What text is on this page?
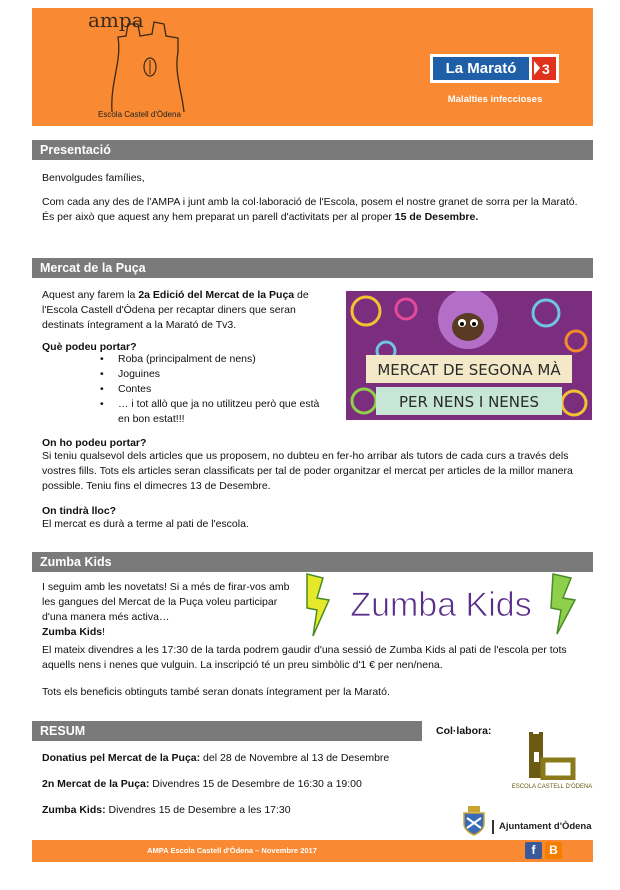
ampa
Escola Castell d'Òdena
La Marató	3
Malalties infeccioses
Presentació
Benvolgudes famílies,
Com cada any des de l'AMPA i junt amb la col·laboració de l'Escola, posem el nostre granet de sorra per la Marató. És per això que aquest any hem preparat un parell d'activitats per al proper 15 de Desembre.
Mercat de la Puça
Aquest any farem la 2a Edició del Mercat de la Puça de l'Escola Castell d'Òdena per recaptar diners que seran destinats íntegrament a la Marató de Tv3.
Què podeu portar?
• Roba (principalment de nens)
• Joguines
• Contes
• … i tot allò que ja no utilitzeu però que està en bon estat!!!
MERCAT DE SEGONA MÀ
PER NENS I NENES
On ho podeu portar?
Si teniu qualsevol dels articles que us proposem, no dubteu en fer-ho arribar als tutors de cada curs a través dels vostres fills. Tots els articles seran classificats per tal de poder organitzar el mercat per articles de la millor manera possible. Teniu fins el dimecres 13 de Desembre.
On tindrà lloc?
El mercat es durà a terme al pati de l'escola.
Zumba Kids
I seguim amb les novetats! Si a més de firar-vos amb les gangues del Mercat de la Puça voleu participar d'una manera més activa…
Zumba Kids!
Zumba Kids
El mateix divendres a les 17:30 de la tarda podrem gaudir d'una sessió de Zumba Kids al pati de l'escola per tots aquells nens i nenes que vulguin. La inscripció té un preu simbòlic d'1 € per nen/nena.
Tots els beneficis obtinguts també seran donats íntegrament per la Marató.
RESUM
Donatius pel Mercat de la Puça: del 28 de Novembre al 13 de Desembre
2n Mercat de la Puça: Divendres 15 de Desembre de 16:30 a 19:00
Zumba Kids: Divendres 15 de Desembre a les 17:30
Col·labora:
ESCOLA CASTELL D'ÒDENA
Ajuntament d'Òdena
AMPA Escola Castell d'Òdena – Novembre 2017	f	B
